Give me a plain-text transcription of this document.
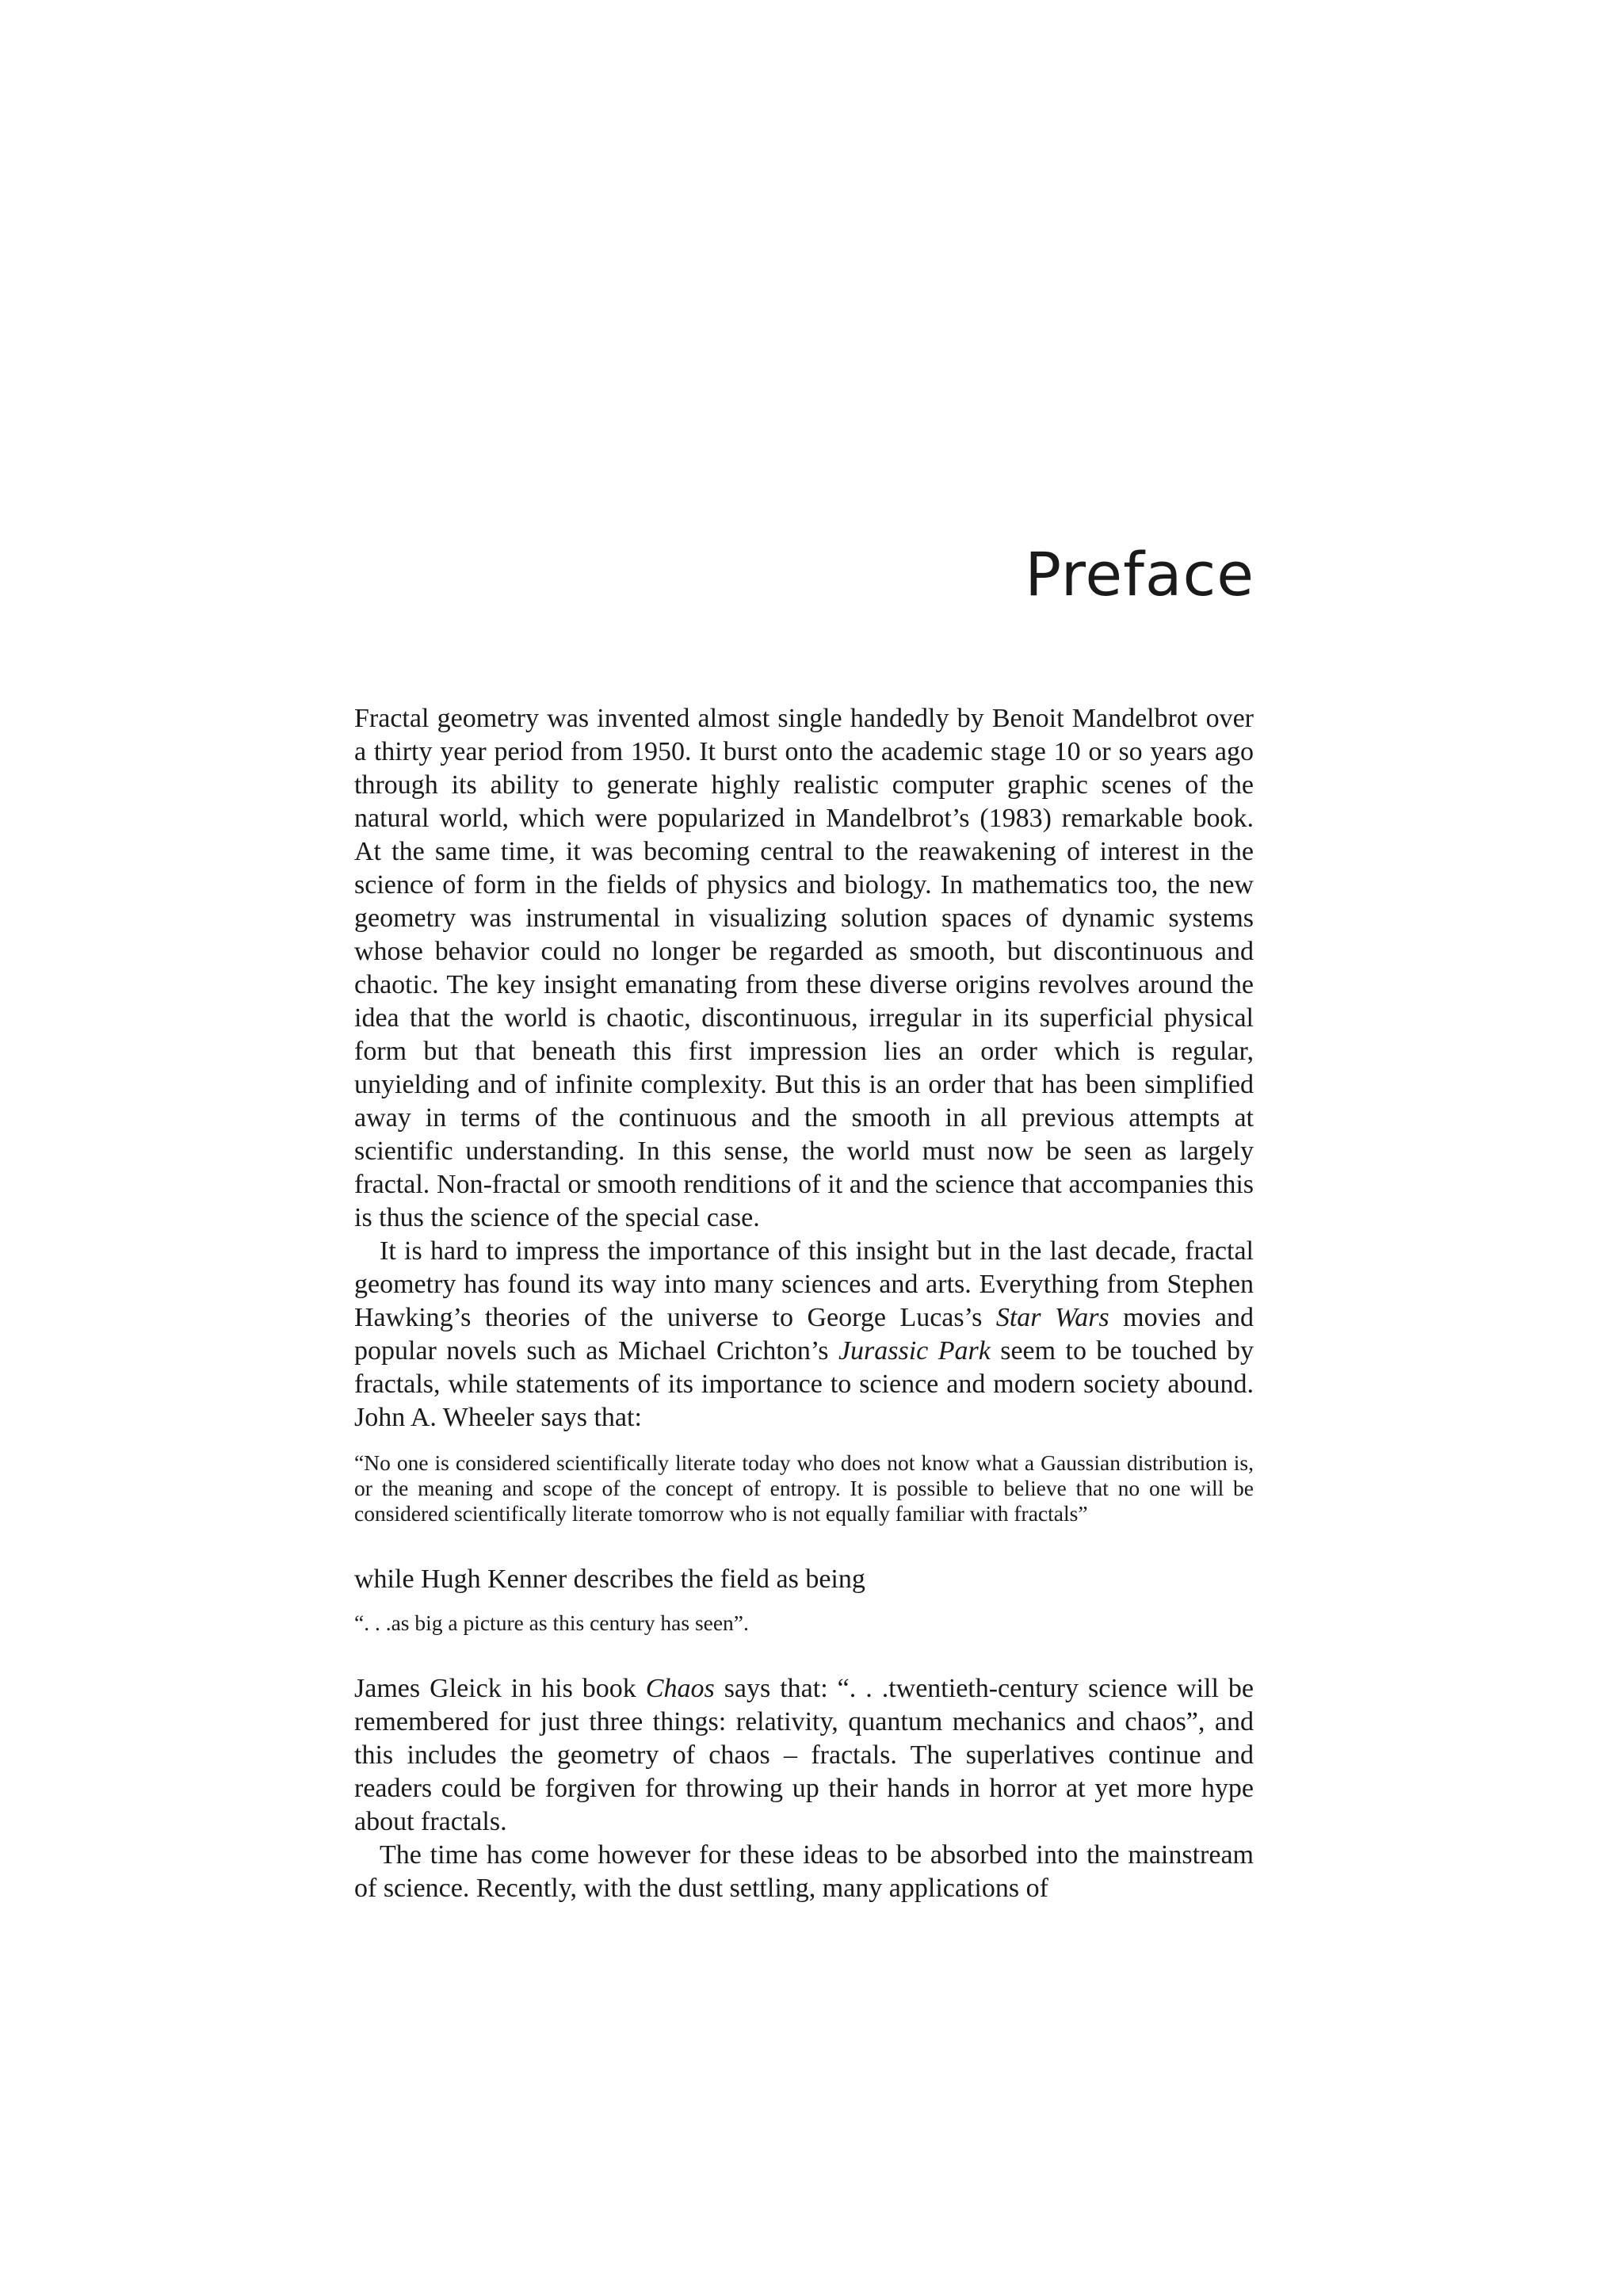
Preface

Fractal geometry was invented almost single handedly by Benoit Mandelbrot over a thirty year period from 1950. It burst onto the academic stage 10 or so years ago through its ability to generate highly realistic computer graphic scenes of the natural world, which were popularized in Mandelbrot’s (1983) remarkable book. At the same time, it was becoming central to the reawakening of interest in the science of form in the fields of physics and biology. In mathematics too, the new geometry was instrumental in visualizing solution spaces of dynamic systems whose behavior could no longer be regarded as smooth, but discontinuous and chaotic. The key insight emanating from these diverse origins revolves around the idea that the world is chaotic, discontinuous, irregular in its superficial physical form but that beneath this first impression lies an order which is regular, unyielding and of infinite complexity. But this is an order that has been simplified away in terms of the continuous and the smooth in all previous attempts at scientific understanding. In this sense, the world must now be seen as largely fractal. Non-fractal or smooth renditions of it and the science that accompanies this is thus the science of the special case.

It is hard to impress the importance of this insight but in the last decade, fractal geometry has found its way into many sciences and arts. Everything from Stephen Hawking’s theories of the universe to George Lucas’s Star Wars movies and popular novels such as Michael Crichton’s Jurassic Park seem to be touched by fractals, while statements of its importance to science and modern society abound. John A. Wheeler says that:

“No one is considered scientifically literate today who does not know what a Gaussian distribution is, or the meaning and scope of the concept of entropy. It is possible to believe that no one will be considered scientifically literate tomorrow who is not equally familiar with fractals”

while Hugh Kenner describes the field as being

“. . .as big a picture as this century has seen”.

James Gleick in his book Chaos says that: “. . .twentieth-century science will be remembered for just three things: relativity, quantum mechanics and chaos”, and this includes the geometry of chaos – fractals. The superlatives continue and readers could be forgiven for throwing up their hands in horror at yet more hype about fractals.

The time has come however for these ideas to be absorbed into the mainstream of science. Recently, with the dust settling, many applications of
